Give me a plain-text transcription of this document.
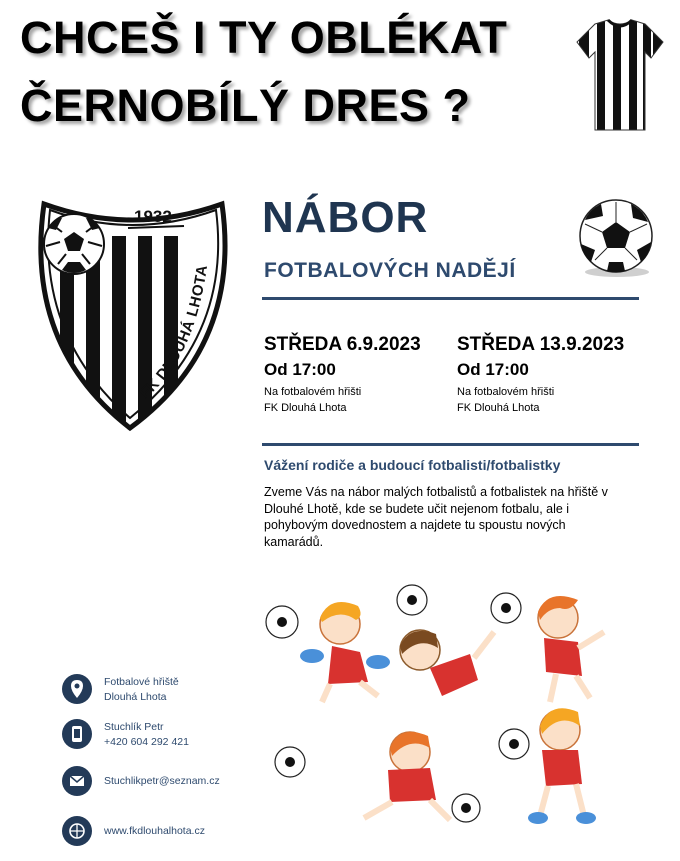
CHCEŠ I TY OBLÉKAT
ČERNOBÍLÝ DRES ?
1932
FK DLOUHÁ LHOTA
NÁBOR
FOTBALOVÝCH NADĚJÍ
STŘEDA 6.9.2023
Od 17:00
Na fotbalovém hřišti
FK Dlouhá Lhota
STŘEDA 13.9.2023
Od 17:00
Na fotbalovém hřišti
FK Dlouhá Lhota
Vážení rodiče a budoucí fotbalisti/fotbalistky
Zveme Vás na nábor malých fotbalistů a fotbalistek na hřiště v Dlouhé Lhotě, kde se budete učit nejenom fotbalu, ale i pohybovým dovednostem a najdete tu spoustu nových kamarádů.
Fotbalové hřiště
Dlouhá Lhota
Stuchlík Petr
+420 604 292 421
Stuchlikpetr@seznam.cz
www.fkdlouhalhota.cz
